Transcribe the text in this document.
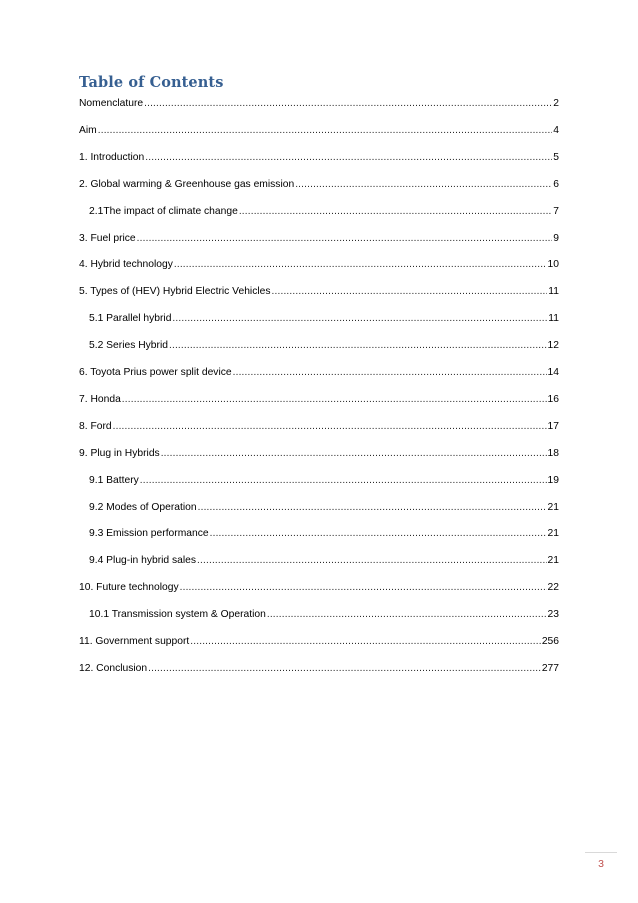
Table of Contents
Nomenclature .....	2
Aim .....	4
1. Introduction .....	5
2. Global warming & Greenhouse gas emission .....	6
2.1The impact of climate change .....	7
3. Fuel price .....	9
4. Hybrid technology .....	10
5. Types of (HEV) Hybrid Electric Vehicles .....	11
5.1 Parallel hybrid .....	11
5.2 Series Hybrid .....	12
6. Toyota Prius power split device .....	14
7. Honda .....	16
8. Ford .....	17
9. Plug in Hybrids .....	18
9.1 Battery .....	19
9.2 Modes of Operation .....	21
9.3 Emission performance .....	21
9.4 Plug-in hybrid sales .....	21
10. Future technology .....	22
10.1 Transmission system & Operation .....	23
11. Government support .....	256
12. Conclusion .....	277
3
